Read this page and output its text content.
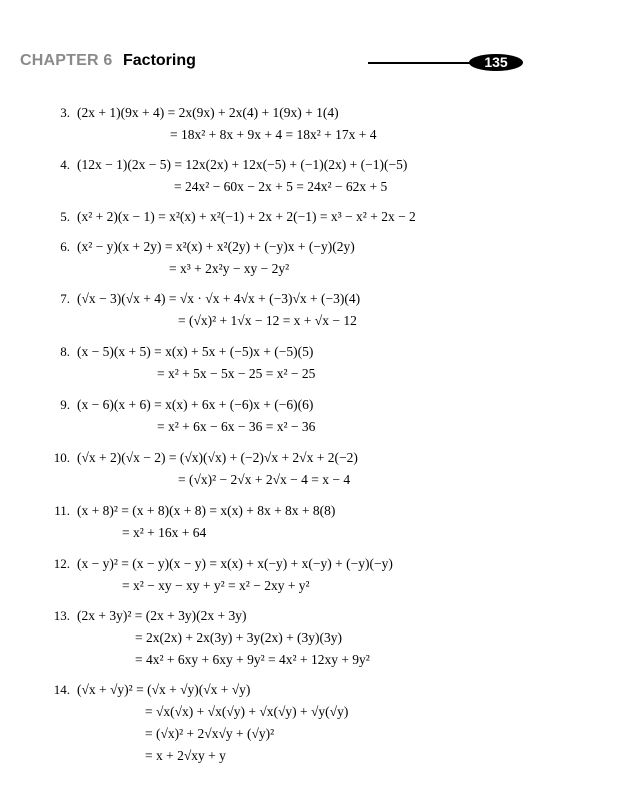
CHAPTER 6 Factoring	135
3. (2x + 1)(9x + 4) = 2x(9x) + 2x(4) + 1(9x) + 1(4)
= 18x² + 8x + 9x + 4 = 18x² + 17x + 4
4. (12x − 1)(2x − 5) = 12x(2x) + 12x(−5) + (−1)(2x) + (−1)(−5)
= 24x² − 60x − 2x + 5 = 24x² − 62x + 5
5. (x² + 2)(x − 1) = x²(x) + x²(−1) + 2x + 2(−1) = x³ − x² + 2x − 2
6. (x² − y)(x + 2y) = x²(x) + x²(2y) + (−y)x + (−y)(2y)
= x³ + 2x²y − xy − 2y²
7. (√x − 3)(√x + 4) = √x · √x + 4√x + (−3)√x + (−3)(4)
= (√x)² + 1√x − 12 = x + √x − 12
8. (x − 5)(x + 5) = x(x) + 5x + (−5)x + (−5)(5)
= x² + 5x − 5x − 25 = x² − 25
9. (x − 6)(x + 6) = x(x) + 6x + (−6)x + (−6)(6)
= x² + 6x − 6x − 36 = x² − 36
10. (√x + 2)(√x − 2) = (√x)(√x) + (−2)√x + 2√x + 2(−2)
= (√x)² − 2√x + 2√x − 4 = x − 4
11. (x + 8)² = (x + 8)(x + 8) = x(x) + 8x + 8x + 8(8)
= x² + 16x + 64
12. (x − y)² = (x − y)(x − y) = x(x) + x(−y) + x(−y) + (−y)(−y)
= x² − xy − xy + y² = x² − 2xy + y²
13. (2x + 3y)² = (2x + 3y)(2x + 3y)
= 2x(2x) + 2x(3y) + 3y(2x) + (3y)(3y)
= 4x² + 6xy + 6xy + 9y² = 4x² + 12xy + 9y²
14. (√x + √y)² = (√x + √y)(√x + √y)
= √x(√x) + √x(√y) + √x(√y) + √y(√y)
= (√x)² + 2√x√y + (√y)²
= x + 2√xy + y
